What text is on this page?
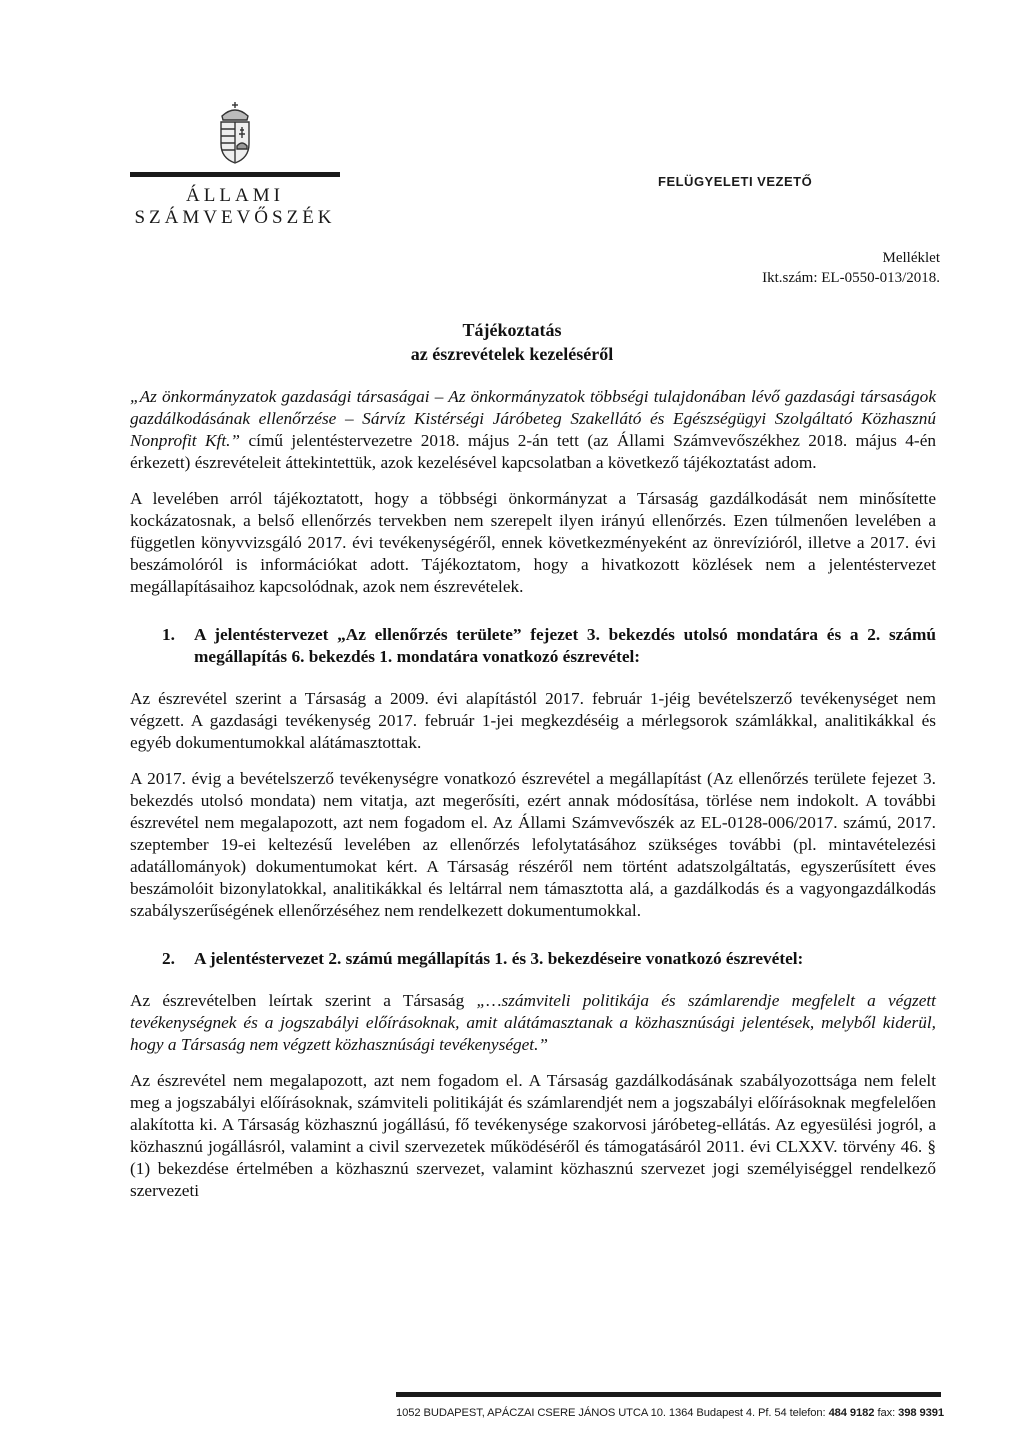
ÁLLAMI
SZÁMVEVŐSZÉK
FELÜGYELETI VEZETŐ
Melléklet
Ikt.szám: EL-0550-013/2018.
Tájékoztatás
az észrevételek kezeléséről

„Az önkormányzatok gazdasági társaságai – Az önkormányzatok többségi tulajdonában lévő gazdasági társaságok gazdálkodásának ellenőrzése – Sárvíz Kistérségi Járóbeteg Szakellátó és Egészségügyi Szolgáltató Közhasznú Nonprofit Kft.” című jelentéstervezetre 2018. május 2-án tett (az Állami Számvevőszékhez 2018. május 4-én érkezett) észrevételeit áttekintettük, azok kezelésével kapcsolatban a következő tájékoztatást adom.

A levelében arról tájékoztatott, hogy a többségi önkormányzat a Társaság gazdálkodását nem minősítette kockázatosnak, a belső ellenőrzés tervekben nem szerepelt ilyen irányú ellenőrzés. Ezen túlmenően levelében a független könyvvizsgáló 2017. évi tevékenységéről, ennek következményeként az önrevízióról, illetve a 2017. évi beszámolóról is információkat adott. Tájékoztatom, hogy a hivatkozott közlések nem a jelentéstervezet megállapításaihoz kapcsolódnak, azok nem észrevételek.

1.	A jelentéstervezet „Az ellenőrzés területe” fejezet 3. bekezdés utolsó mondatára és a 2. számú megállapítás 6. bekezdés 1. mondatára vonatkozó észrevétel:

Az észrevétel szerint a Társaság a 2009. évi alapítástól 2017. február 1-jéig bevételszerző tevékenységet nem végzett. A gazdasági tevékenység 2017. február 1-jei megkezdéséig a mérlegsorok számlákkal, analitikákkal és egyéb dokumentumokkal alátámasztottak.

A 2017. évig a bevételszerző tevékenységre vonatkozó észrevétel a megállapítást (Az ellenőrzés területe fejezet 3. bekezdés utolsó mondata) nem vitatja, azt megerősíti, ezért annak módosítása, törlése nem indokolt. A további észrevétel nem megalapozott, azt nem fogadom el. Az Állami Számvevőszék az EL-0128-006/2017. számú, 2017. szeptember 19-ei keltezésű levelében az ellenőrzés lefolytatásához szükséges további (pl. mintavételezési adatállományok) dokumentumokat kért. A Társaság részéről nem történt adatszolgáltatás, egyszerűsített éves beszámolóit bizonylatokkal, analitikákkal és leltárral nem támasztotta alá, a gazdálkodás és a vagyongazdálkodás szabályszerűségének ellenőrzéséhez nem rendelkezett dokumentumokkal.

2.	A jelentéstervezet 2. számú megállapítás 1. és 3. bekezdéseire vonatkozó észrevétel:

Az észrevételben leírtak szerint a Társaság „…számviteli politikája és számlarendje megfelelt a végzett tevékenységnek és a jogszabályi előírásoknak, amit alátámasztanak a közhasznúsági jelentések, melyből kiderül, hogy a Társaság nem végzett közhasznúsági tevékenységet.”

Az észrevétel nem megalapozott, azt nem fogadom el. A Társaság gazdálkodásának szabályozottsága nem felelt meg a jogszabályi előírásoknak, számviteli politikáját és számlarendjét nem a jogszabályi előírásoknak megfelelően alakította ki. A Társaság közhasznú jogállású, fő tevékenysége szakorvosi járóbeteg-ellátás. Az egyesülési jogról, a közhasznú jogállásról, valamint a civil szervezetek működéséről és támogatásáról 2011. évi CLXXV. törvény 46. § (1) bekezdése értelmében a közhasznú szervezet, valamint közhasznú szervezet jogi személyiséggel rendelkező szervezeti

1052 BUDAPEST, APÁCZAI CSERE JÁNOS UTCA 10. 1364 Budapest 4. Pf. 54 telefon: 484 9182 fax: 398 9391
